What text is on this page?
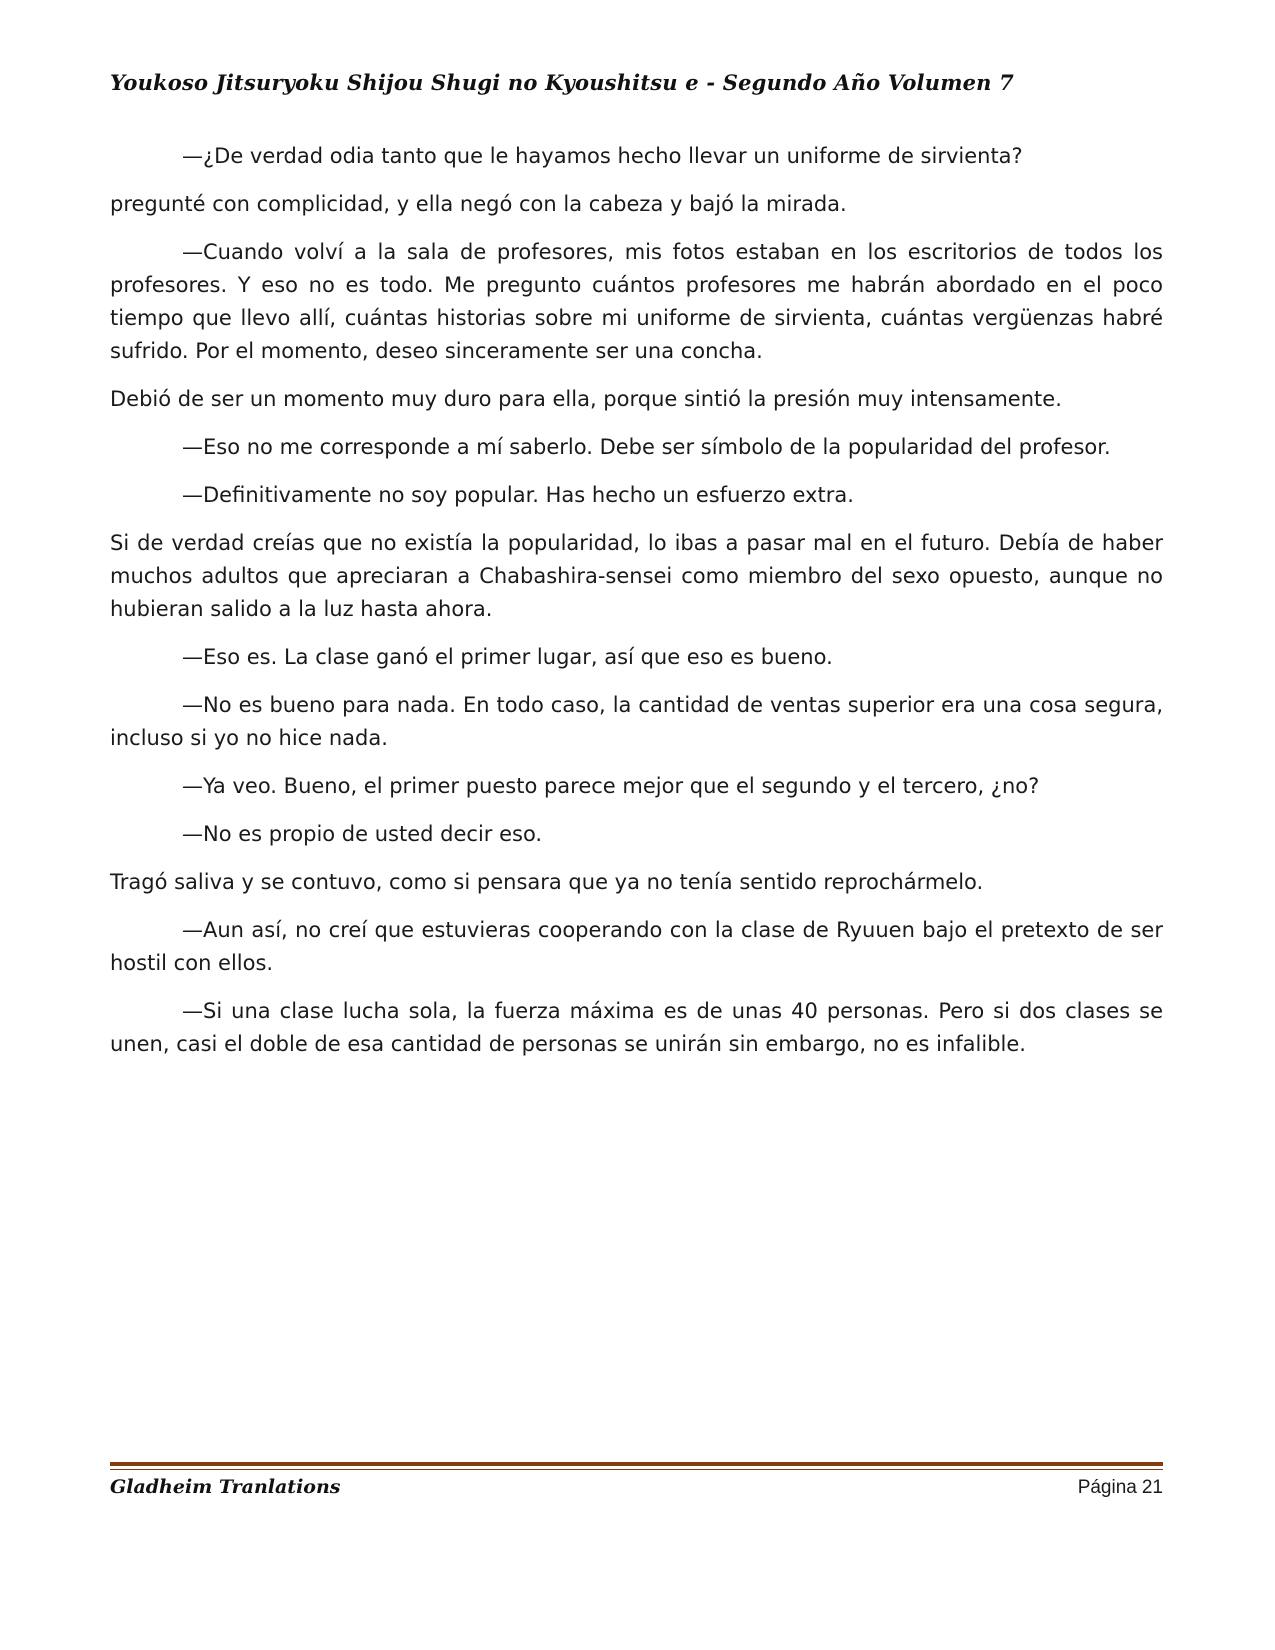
Youkoso Jitsuryoku Shijou Shugi no Kyoushitsu e - Segundo Año Volumen 7

—¿De verdad odia tanto que le hayamos hecho llevar un uniforme de sirvienta?

pregunté con complicidad, y ella negó con la cabeza y bajó la mirada.

—Cuando volví a la sala de profesores, mis fotos estaban en los escritorios de todos los profesores. Y eso no es todo. Me pregunto cuántos profesores me habrán abordado en el poco tiempo que llevo allí, cuántas historias sobre mi uniforme de sirvienta, cuántas vergüenzas habré sufrido. Por el momento, deseo sinceramente ser una concha.

Debió de ser un momento muy duro para ella, porque sintió la presión muy intensamente.

—Eso no me corresponde a mí saberlo. Debe ser símbolo de la popularidad del profesor.

—Definitivamente no soy popular. Has hecho un esfuerzo extra.

Si de verdad creías que no existía la popularidad, lo ibas a pasar mal en el futuro. Debía de haber muchos adultos que apreciaran a Chabashira-sensei como miembro del sexo opuesto, aunque no hubieran salido a la luz hasta ahora.

—Eso es. La clase ganó el primer lugar, así que eso es bueno.

—No es bueno para nada. En todo caso, la cantidad de ventas superior era una cosa segura, incluso si yo no hice nada.

—Ya veo. Bueno, el primer puesto parece mejor que el segundo y el tercero, ¿no?

—No es propio de usted decir eso.

Tragó saliva y se contuvo, como si pensara que ya no tenía sentido reprochármelo.

—Aun así, no creí que estuvieras cooperando con la clase de Ryuuen bajo el pretexto de ser hostil con ellos.

—Si una clase lucha sola, la fuerza máxima es de unas 40 personas. Pero si dos clases se unen, casi el doble de esa cantidad de personas se unirán sin embargo, no es infalible.

Gladheim Tranlations	Página 21
